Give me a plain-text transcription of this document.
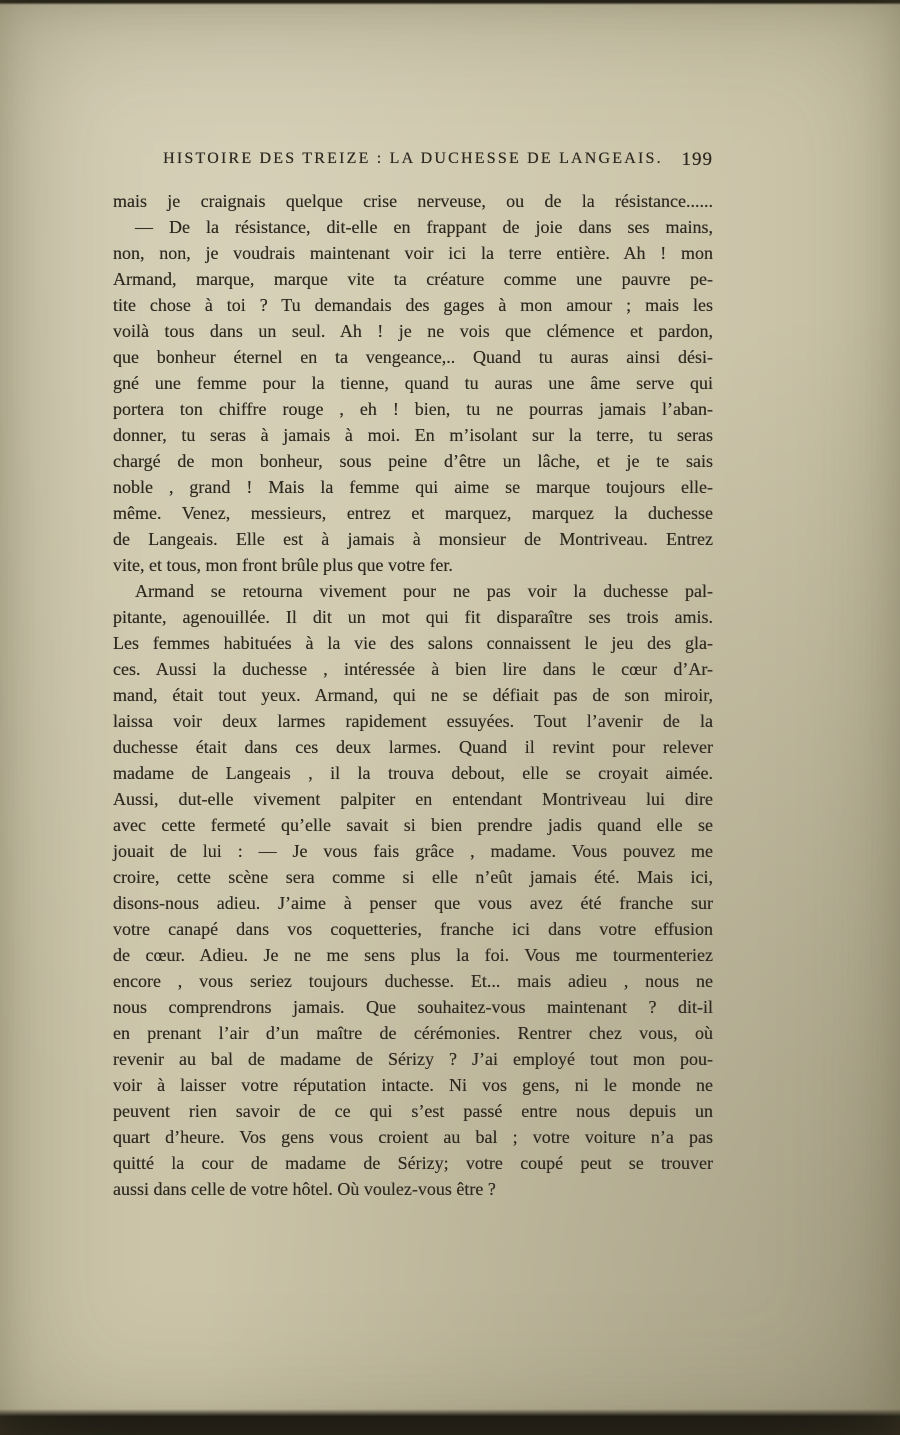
HISTOIRE DES TREIZE : LA DUCHESSE DE LANGEAIS. 199
mais je craignais quelque crise nerveuse, ou de la résistance......
— De la résistance, dit-elle en frappant de joie dans ses mains,
non, non, je voudrais maintenant voir ici la terre entière. Ah ! mon
Armand, marque, marque vite ta créature comme une pauvre pe-
tite chose à toi ? Tu demandais des gages à mon amour ; mais les
voilà tous dans un seul. Ah ! je ne vois que clémence et pardon,
que bonheur éternel en ta vengeance,.. Quand tu auras ainsi dési-
gné une femme pour la tienne, quand tu auras une âme serve qui
portera ton chiffre rouge , eh ! bien, tu ne pourras jamais l’aban-
donner, tu seras à jamais à moi. En m’isolant sur la terre, tu seras
chargé de mon bonheur, sous peine d’être un lâche, et je te sais
noble , grand ! Mais la femme qui aime se marque toujours elle-
même. Venez, messieurs, entrez et marquez, marquez la duchesse
de Langeais. Elle est à jamais à monsieur de Montriveau. Entrez
vite, et tous, mon front brûle plus que votre fer.
Armand se retourna vivement pour ne pas voir la duchesse pal-
pitante, agenouillée. Il dit un mot qui fit disparaître ses trois amis.
Les femmes habituées à la vie des salons connaissent le jeu des gla-
ces. Aussi la duchesse , intéressée à bien lire dans le cœur d’Ar-
mand, était tout yeux. Armand, qui ne se défiait pas de son miroir,
laissa voir deux larmes rapidement essuyées. Tout l’avenir de la
duchesse était dans ces deux larmes. Quand il revint pour relever
madame de Langeais , il la trouva debout, elle se croyait aimée.
Aussi, dut-elle vivement palpiter en entendant Montriveau lui dire
avec cette fermeté qu’elle savait si bien prendre jadis quand elle se
jouait de lui : — Je vous fais grâce , madame. Vous pouvez me
croire, cette scène sera comme si elle n’eût jamais été. Mais ici,
disons-nous adieu. J’aime à penser que vous avez été franche sur
votre canapé dans vos coquetteries, franche ici dans votre effusion
de cœur. Adieu. Je ne me sens plus la foi. Vous me tourmenteriez
encore , vous seriez toujours duchesse. Et... mais adieu , nous ne
nous comprendrons jamais. Que souhaitez-vous maintenant ? dit-il
en prenant l’air d’un maître de cérémonies. Rentrer chez vous, où
revenir au bal de madame de Sérizy ? J’ai employé tout mon pou-
voir à laisser votre réputation intacte. Ni vos gens, ni le monde ne
peuvent rien savoir de ce qui s’est passé entre nous depuis un
quart d’heure. Vos gens vous croient au bal ; votre voiture n’a pas
quitté la cour de madame de Sérizy; votre coupé peut se trouver
aussi dans celle de votre hôtel. Où voulez-vous être ?
